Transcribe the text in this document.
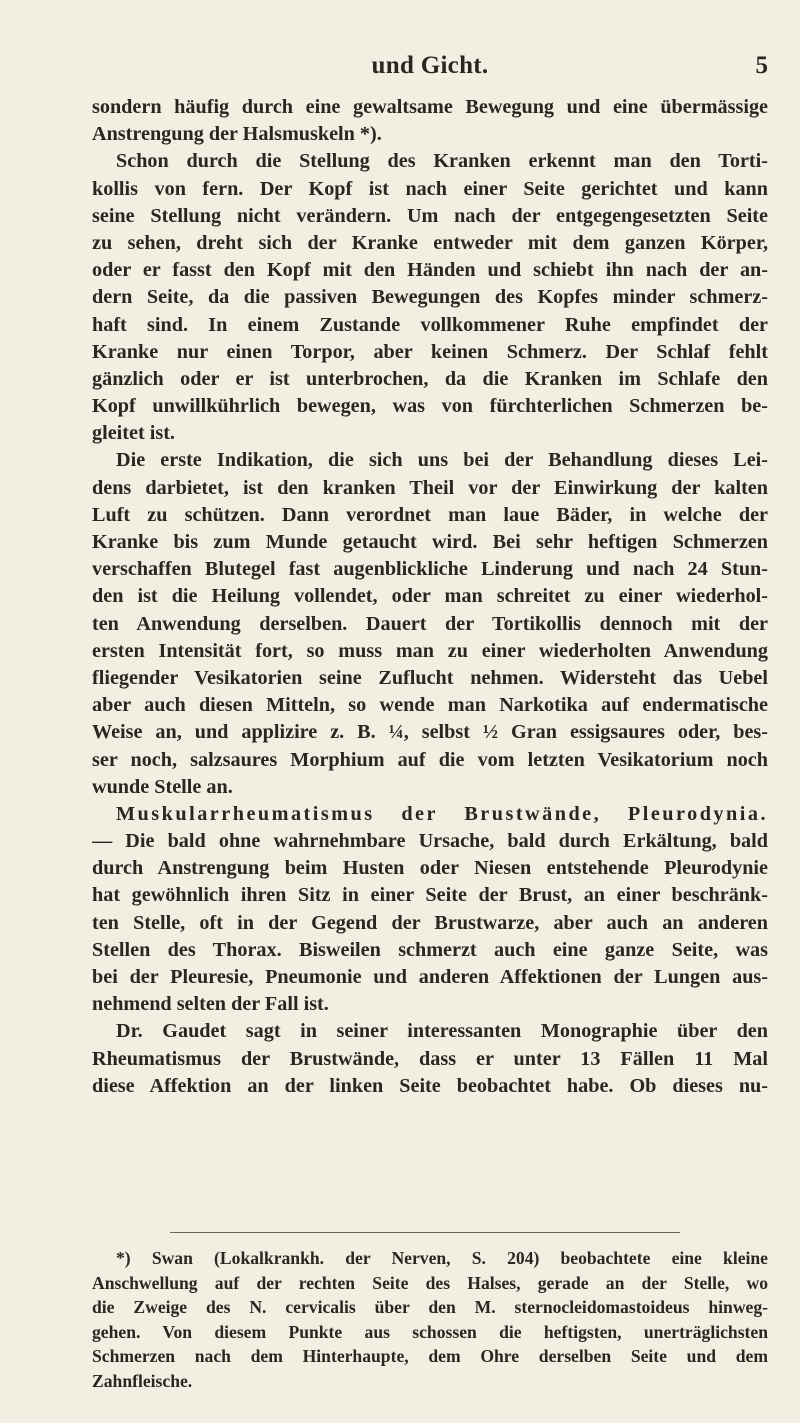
und Gicht.	5
sondern häufig durch eine gewaltsame Bewegung und eine übermässige
Anstrengung der Halsmuskeln *).
Schon durch die Stellung des Kranken erkennt man den Torti-
kollis von fern. Der Kopf ist nach einer Seite gerichtet und kann
seine Stellung nicht verändern. Um nach der entgegengesetzten Seite
zu sehen, dreht sich der Kranke entweder mit dem ganzen Körper,
oder er fasst den Kopf mit den Händen und schiebt ihn nach der an-
dern Seite, da die passiven Bewegungen des Kopfes minder schmerz-
haft sind. In einem Zustande vollkommener Ruhe empfindet der
Kranke nur einen Torpor, aber keinen Schmerz. Der Schlaf fehlt
gänzlich oder er ist unterbrochen, da die Kranken im Schlafe den
Kopf unwillkührlich bewegen, was von fürchterlichen Schmerzen be-
gleitet ist.
Die erste Indikation, die sich uns bei der Behandlung dieses Lei-
dens darbietet, ist den kranken Theil vor der Einwirkung der kalten
Luft zu schützen. Dann verordnet man laue Bäder, in welche der
Kranke bis zum Munde getaucht wird. Bei sehr heftigen Schmerzen
verschaffen Blutegel fast augenblickliche Linderung und nach 24 Stun-
den ist die Heilung vollendet, oder man schreitet zu einer wiederhol-
ten Anwendung derselben. Dauert der Tortikollis dennoch mit der
ersten Intensität fort, so muss man zu einer wiederholten Anwendung
fliegender Vesikatorien seine Zuflucht nehmen. Widersteht das Uebel
aber auch diesen Mitteln, so wende man Narkotika auf endermatische
Weise an, und applizire z. B. ¼, selbst ½ Gran essigsaures oder, bes-
ser noch, salzsaures Morphium auf die vom letzten Vesikatorium noch
wunde Stelle an.
Muskularrheumatismus der Brustwände, Pleurodynia.
— Die bald ohne wahrnehmbare Ursache, bald durch Erkältung, bald
durch Anstrengung beim Husten oder Niesen entstehende Pleurodynie
hat gewöhnlich ihren Sitz in einer Seite der Brust, an einer beschränk-
ten Stelle, oft in der Gegend der Brustwarze, aber auch an anderen
Stellen des Thorax. Bisweilen schmerzt auch eine ganze Seite, was
bei der Pleuresie, Pneumonie und anderen Affektionen der Lungen aus-
nehmend selten der Fall ist.
Dr. Gaudet sagt in seiner interessanten Monographie über den
Rheumatismus der Brustwände, dass er unter 13 Fällen 11 Mal
diese Affektion an der linken Seite beobachtet habe. Ob dieses nu-
*) Swan (Lokalkrankh. der Nerven, S. 204) beobachtete eine kleine
Anschwellung auf der rechten Seite des Halses, gerade an der Stelle, wo
die Zweige des N. cervicalis über den M. sternocleidomastoideus hinweg-
gehen. Von diesem Punkte aus schossen die heftigsten, unerträglichsten
Schmerzen nach dem Hinterhaupte, dem Ohre derselben Seite und dem
Zahnfleische.
